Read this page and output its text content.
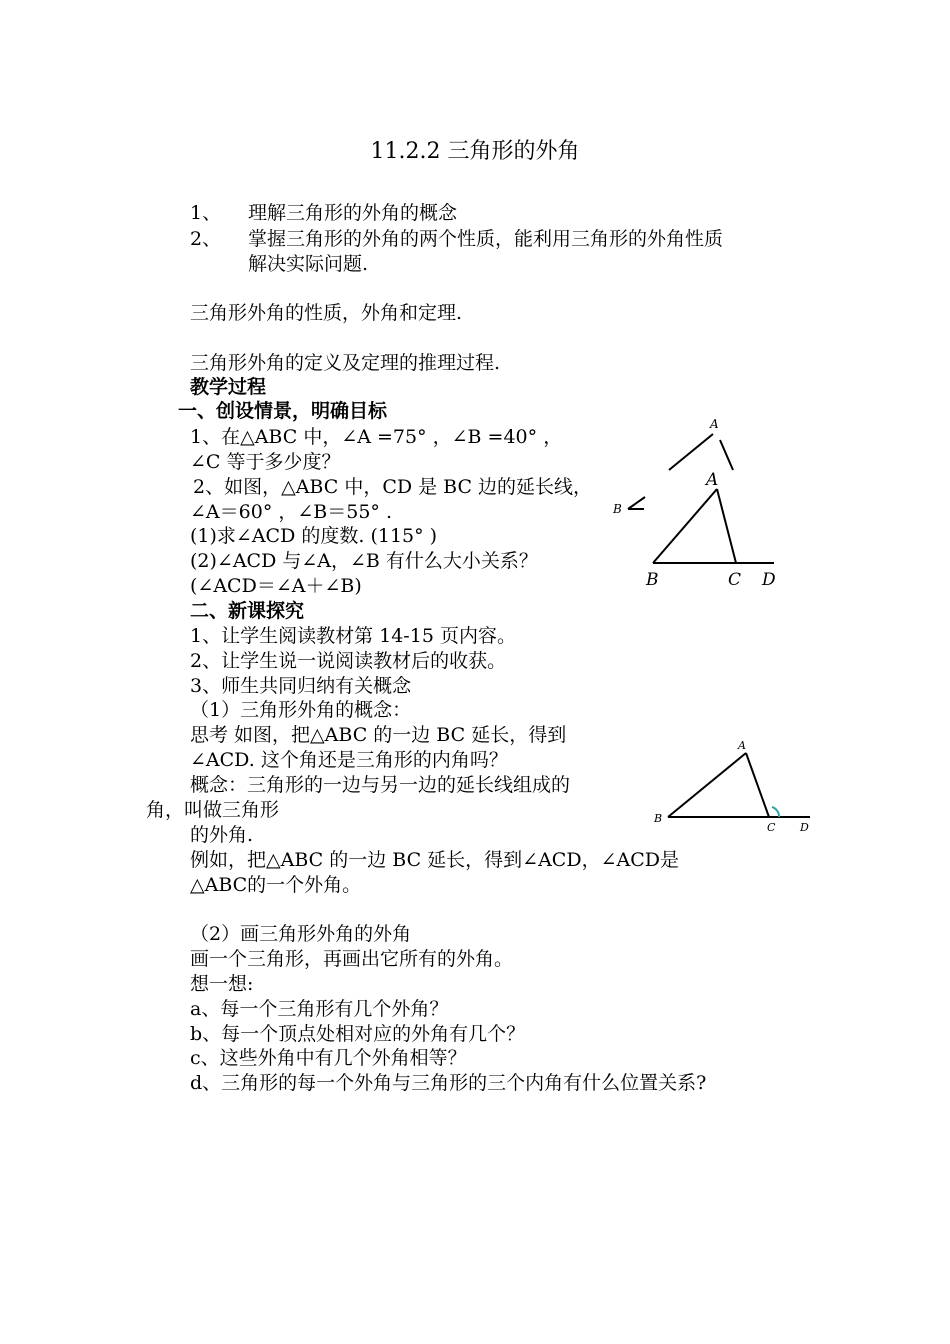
11.2.2 三角形的外角
1、 理解三角形的外角的概念
2、 掌握三角形的外角的两个性质，能利用三角形的外角性质
解决实际问题.
三角形外角的性质，外角和定理.
三角形外角的定义及定理的推理过程.
教学过程
一、创设情景，明确目标
1、在△ABC 中，∠A =75° ，∠B =40° ，
∠C 等于多少度？
2、如图，△ABC 中，CD 是 BC 边的延长线，
∠A＝60° ，∠B＝55° .
(1)求∠ACD 的度数. (115° )
(2)∠ACD 与∠A，∠B 有什么大小关系？
(∠ACD＝∠A＋∠B)
二、新课探究
1、让学生阅读教材第 14-15 页内容。
2、让学生说一说阅读教材后的收获。
3、师生共同归纳有关概念
（1）三角形外角的概念：
思考 如图，把△ABC 的一边 BC 延长，得到
∠ACD. 这个角还是三角形的内角吗？
概念：三角形的一边与另一边的延长线组成的
角，叫做三角形
的外角.
例如，把△ABC 的一边 BC 延长，得到∠ACD，∠ACD是
△ABC的一个外角。
（2）画三角形外角的外角
画一个三角形，再画出它所有的外角。
想一想:
a、每一个三角形有几个外角？
b、每一个顶点处相对应的外角有几个？
c、这些外角中有几个外角相等？
d、三角形的每一个外角与三角形的三个内角有什么位置关系?
A
B
A
B	C D
A
B
C D
